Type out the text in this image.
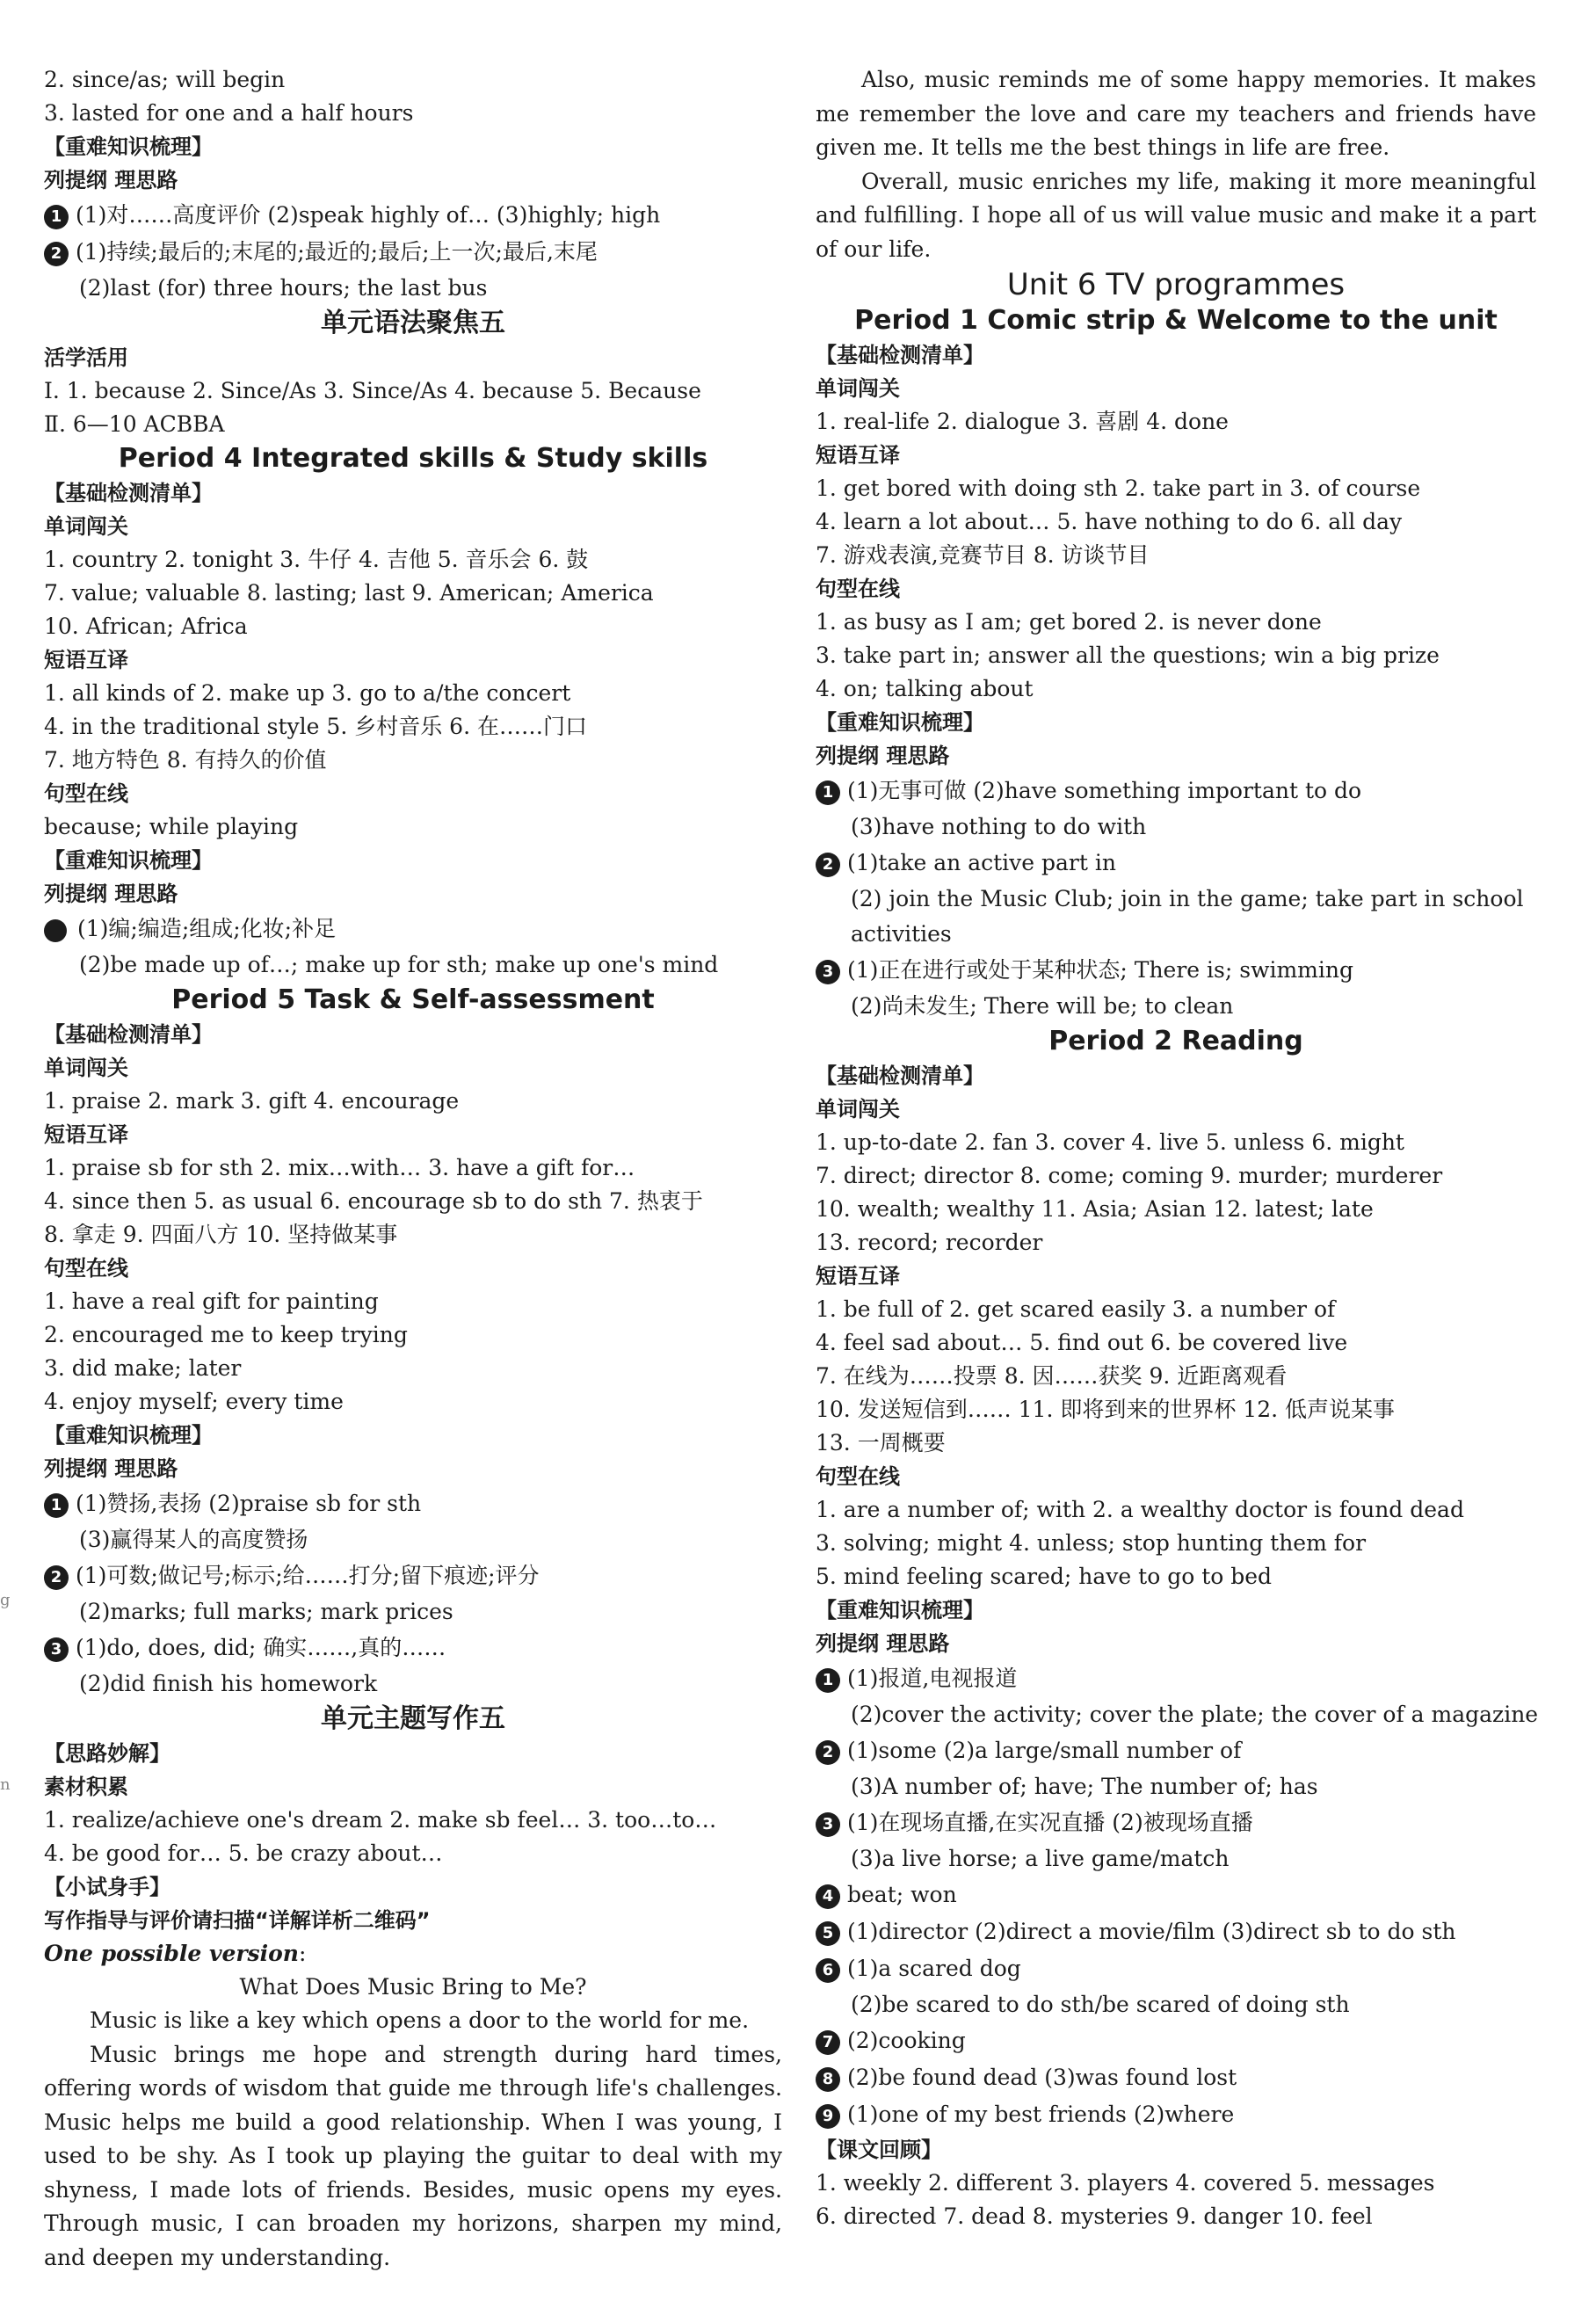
g
n
2. since/as; will begin
3. lasted for one and a half hours
【重难知识梳理】
列提纲 理思路
1 (1)对……高度评价 (2)speak highly of… (3)highly; high
2 (1)持续;最后的;末尾的;最近的;最后;上一次;最后,末尾
(2)last (for) three hours; the last bus
单元语法聚焦五
活学活用
Ⅰ. 1. because 2. Since/As 3. Since/As 4. because 5. Because
Ⅱ. 6—10 ACBBA
Period 4 Integrated skills & Study skills
【基础检测清单】
单词闯关
1. country 2. tonight 3. 牛仔 4. 吉他 5. 音乐会 6. 鼓
7. value; valuable 8. lasting; last 9. American; America
10. African; Africa
短语互译
1. all kinds of 2. make up 3. go to a/the concert
4. in the traditional style 5. 乡村音乐 6. 在……门口
7. 地方特色 8. 有持久的价值
句型在线
because; while playing
【重难知识梳理】
列提纲 理思路
(1)编;编造;组成;化妆;补足
(2)be made up of…; make up for sth; make up one's mind
Period 5 Task & Self-assessment
【基础检测清单】
单词闯关
1. praise 2. mark 3. gift 4. encourage
短语互译
1. praise sb for sth 2. mix…with… 3. have a gift for…
4. since then 5. as usual 6. encourage sb to do sth 7. 热衷于
8. 拿走 9. 四面八方 10. 坚持做某事
句型在线
1. have a real gift for painting
2. encouraged me to keep trying
3. did make; later
4. enjoy myself; every time
【重难知识梳理】
列提纲 理思路
1 (1)赞扬,表扬 (2)praise sb for sth
(3)赢得某人的高度赞扬
2 (1)可数;做记号;标示;给……打分;留下痕迹;评分
(2)marks; full marks; mark prices
3 (1)do, does, did; 确实……,真的……
(2)did finish his homework
单元主题写作五
【思路妙解】
素材积累
1. realize/achieve one's dream 2. make sb feel… 3. too…to…
4. be good for… 5. be crazy about…
【小试身手】
写作指导与评价请扫描“详解详析二维码”
One possible version:
What Does Music Bring to Me?
Music is like a key which opens a door to the world for me.
Music brings me hope and strength during hard times, offering words of wisdom that guide me through life's challenges. Music helps me build a good relationship. When I was young, I used to be shy. As I took up playing the guitar to deal with my shyness, I made lots of friends. Besides, music opens my eyes. Through music, I can broaden my horizons, sharpen my mind, and deepen my understanding.
Also, music reminds me of some happy memories. It makes me remember the love and care my teachers and friends have given me. It tells me the best things in life are free.
Overall, music enriches my life, making it more meaningful and fulfilling. I hope all of us will value music and make it a part of our life.
Unit 6 TV programmes
Period 1 Comic strip & Welcome to the unit
【基础检测清单】
单词闯关
1. real-life 2. dialogue 3. 喜剧 4. done
短语互译
1. get bored with doing sth 2. take part in 3. of course
4. learn a lot about… 5. have nothing to do 6. all day
7. 游戏表演,竞赛节目 8. 访谈节目
句型在线
1. as busy as I am; get bored 2. is never done
3. take part in; answer all the questions; win a big prize
4. on; talking about
【重难知识梳理】
列提纲 理思路
1 (1)无事可做 (2)have something important to do
(3)have nothing to do with
2 (1)take an active part in
(2) join the Music Club; join in the game; take part in school
activities
3 (1)正在进行或处于某种状态; There is; swimming
(2)尚未发生; There will be; to clean
Period 2 Reading
【基础检测清单】
单词闯关
1. up-to-date 2. fan 3. cover 4. live 5. unless 6. might
7. direct; director 8. come; coming 9. murder; murderer
10. wealth; wealthy 11. Asia; Asian 12. latest; late
13. record; recorder
短语互译
1. be full of 2. get scared easily 3. a number of
4. feel sad about… 5. find out 6. be covered live
7. 在线为……投票 8. 因……获奖 9. 近距离观看
10. 发送短信到…… 11. 即将到来的世界杯 12. 低声说某事
13. 一周概要
句型在线
1. are a number of; with 2. a wealthy doctor is found dead
3. solving; might 4. unless; stop hunting them for
5. mind feeling scared; have to go to bed
【重难知识梳理】
列提纲 理思路
1 (1)报道,电视报道
(2)cover the activity; cover the plate; the cover of a magazine
2 (1)some (2)a large/small number of
(3)A number of; have; The number of; has
3 (1)在现场直播,在实况直播 (2)被现场直播
(3)a live horse; a live game/match
4 beat; won
5 (1)director (2)direct a movie/film (3)direct sb to do sth
6 (1)a scared dog
(2)be scared to do sth/be scared of doing sth
7 (2)cooking
8 (2)be found dead (3)was found lost
9 (1)one of my best friends (2)where
【课文回顾】
1. weekly 2. different 3. players 4. covered 5. messages
6. directed 7. dead 8. mysteries 9. danger 10. feel
